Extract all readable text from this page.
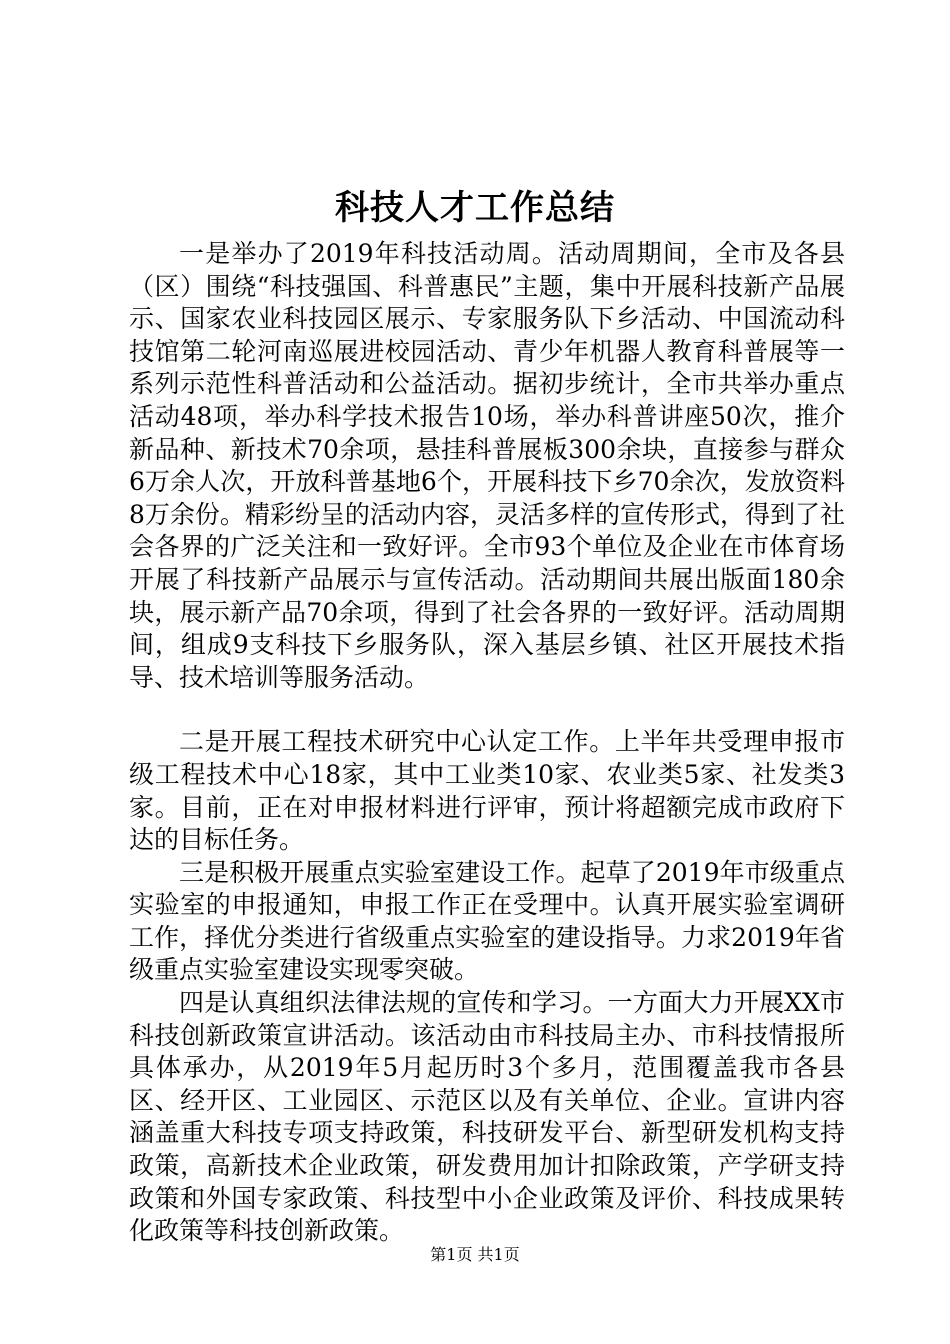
科技人才工作总结

一是举办了2019年科技活动周。活动周期间，全市及各县（区）围绕“科技强国、科普惠民”主题，集中开展科技新产品展示、国家农业科技园区展示、专家服务队下乡活动、中国流动科技馆第二轮河南巡展进校园活动、青少年机器人教育科普展等一系列示范性科普活动和公益活动。据初步统计，全市共举办重点活动48项，举办科学技术报告10场，举办科普讲座50次，推介新品种、新技术70余项，悬挂科普展板300余块，直接参与群众6万余人次，开放科普基地6个，开展科技下乡70余次，发放资料8万余份。精彩纷呈的活动内容，灵活多样的宣传形式，得到了社会各界的广泛关注和一致好评。全市93个单位及企业在市体育场开展了科技新产品展示与宣传活动。活动期间共展出版面180余块，展示新产品70余项，得到了社会各界的一致好评。活动周期间，组成9支科技下乡服务队，深入基层乡镇、社区开展技术指导、技术培训等服务活动。

二是开展工程技术研究中心认定工作。上半年共受理申报市级工程技术中心18家，其中工业类10家、农业类5家、社发类3家。目前，正在对申报材料进行评审，预计将超额完成市政府下达的目标任务。

三是积极开展重点实验室建设工作。起草了2019年市级重点实验室的申报通知，申报工作正在受理中。认真开展实验室调研工作，择优分类进行省级重点实验室的建设指导。力求2019年省级重点实验室建设实现零突破。

四是认真组织法律法规的宣传和学习。一方面大力开展XX市科技创新政策宣讲活动。该活动由市科技局主办、市科技情报所具体承办，从2019年5月起历时3个多月，范围覆盖我市各县区、经开区、工业园区、示范区以及有关单位、企业。宣讲内容涵盖重大科技专项支持政策，科技研发平台、新型研发机构支持政策，高新技术企业政策，研发费用加计扣除政策，产学研支持政策和外国专家政策、科技型中小企业政策及评价、科技成果转化政策等科技创新政策。

第1页 共1页
